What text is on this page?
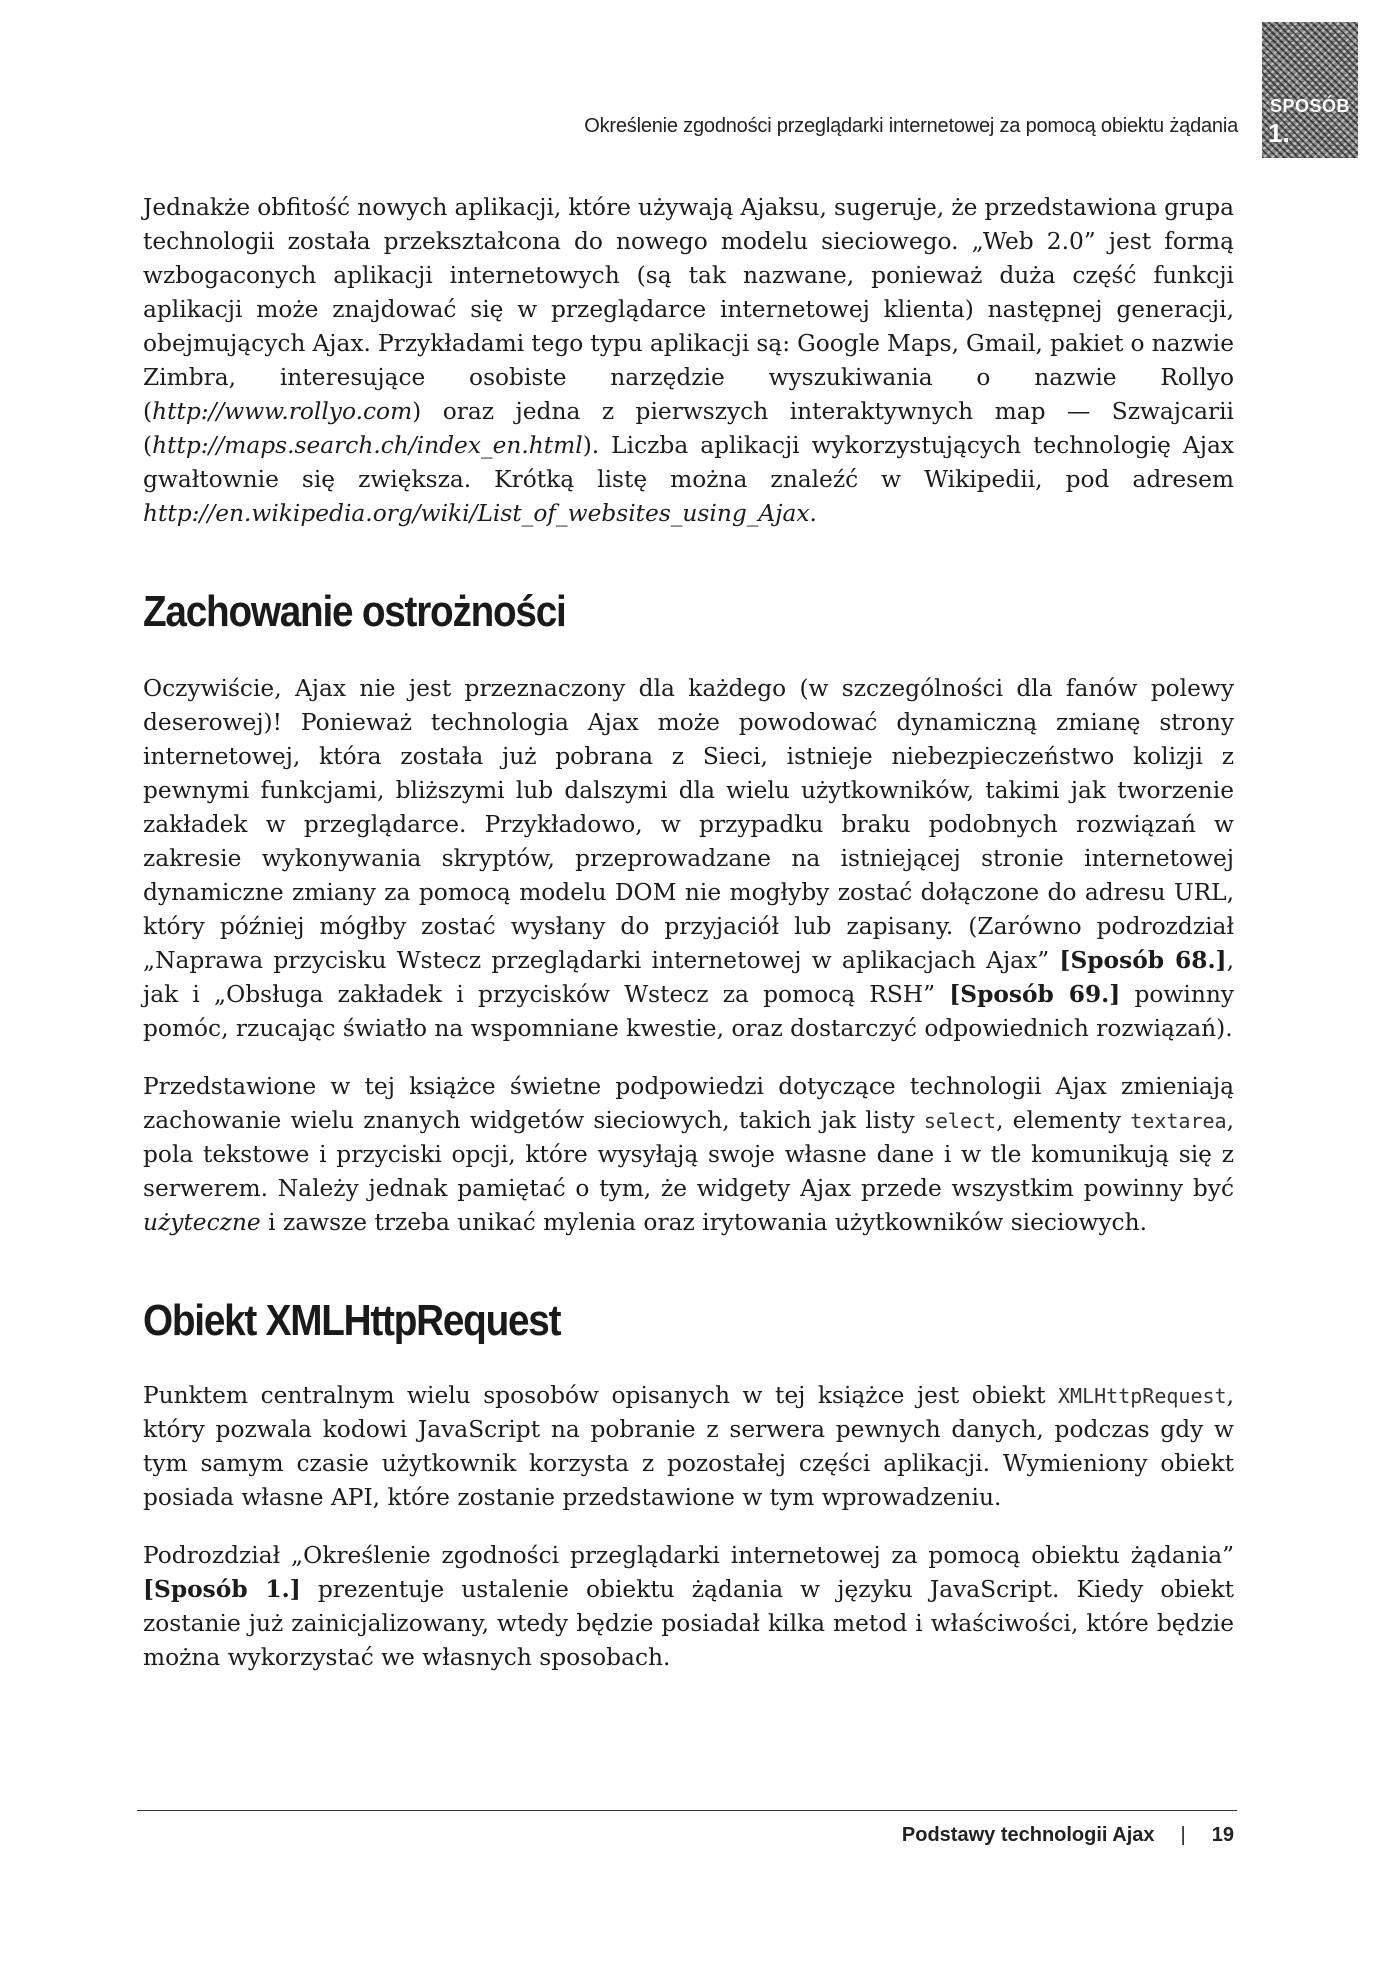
Określenie zgodności przeglądarki internetowej za pomocą obiektu żądania
SPOSÓB
1.

Jednakże obfitość nowych aplikacji, które używają Ajaksu, sugeruje, że przedstawiona grupa technologii została przekształcona do nowego modelu sieciowego. „Web 2.0” jest formą wzbogaconych aplikacji internetowych (są tak nazwane, ponieważ duża część funkcji aplikacji może znajdować się w przeglądarce internetowej klienta) następnej generacji, obejmujących Ajax. Przykładami tego typu aplikacji są: Google Maps, Gmail, pakiet o nazwie Zimbra, interesujące osobiste narzędzie wyszukiwania o nazwie Rollyo (http://www.rollyo.com) oraz jedna z pierwszych interaktywnych map — Szwajcarii (http://maps.search.ch/index_en.html). Liczba aplikacji wykorzystujących technologię Ajax gwałtownie się zwiększa. Krótką listę można znaleźć w Wikipedii, pod adresem http://en.wikipedia.org/wiki/List_of_websites_using_Ajax.

Zachowanie ostrożności

Oczywiście, Ajax nie jest przeznaczony dla każdego (w szczególności dla fanów polewy deserowej)! Ponieważ technologia Ajax może powodować dynamiczną zmianę strony internetowej, która została już pobrana z Sieci, istnieje niebezpieczeństwo kolizji z pewnymi funkcjami, bliższymi lub dalszymi dla wielu użytkowników, takimi jak tworzenie zakładek w przeglądarce. Przykładowo, w przypadku braku podobnych rozwiązań w zakresie wykonywania skryptów, przeprowadzane na istniejącej stronie internetowej dynamiczne zmiany za pomocą modelu DOM nie mogłyby zostać dołączone do adresu URL, który później mógłby zostać wysłany do przyjaciół lub zapisany. (Zarówno podrozdział „Naprawa przycisku Wstecz przeglądarki internetowej w aplikacjach Ajax” [Sposób 68.], jak i „Obsługa zakładek i przycisków Wstecz za pomocą RSH” [Sposób 69.] powinny pomóc, rzucając światło na wspomniane kwestie, oraz dostarczyć odpowiednich rozwiązań).

Przedstawione w tej książce świetne podpowiedzi dotyczące technologii Ajax zmieniają zachowanie wielu znanych widgetów sieciowych, takich jak listy select, elementy textarea, pola tekstowe i przyciski opcji, które wysyłają swoje własne dane i w tle komunikują się z serwerem. Należy jednak pamiętać o tym, że widgety Ajax przede wszystkim powinny być użyteczne i zawsze trzeba unikać mylenia oraz irytowania użytkowników sieciowych.

Obiekt XMLHttpRequest

Punktem centralnym wielu sposobów opisanych w tej książce jest obiekt XMLHttpRequest, który pozwala kodowi JavaScript na pobranie z serwera pewnych danych, podczas gdy w tym samym czasie użytkownik korzysta z pozostałej części aplikacji. Wymieniony obiekt posiada własne API, które zostanie przedstawione w tym wprowadzeniu.

Podrozdział „Określenie zgodności przeglądarki internetowej za pomocą obiektu żądania” [Sposób 1.] prezentuje ustalenie obiektu żądania w języku JavaScript. Kiedy obiekt zostanie już zainicjalizowany, wtedy będzie posiadał kilka metod i właściwości, które będzie można wykorzystać we własnych sposobach.

Podstawy technologii Ajax | 19
